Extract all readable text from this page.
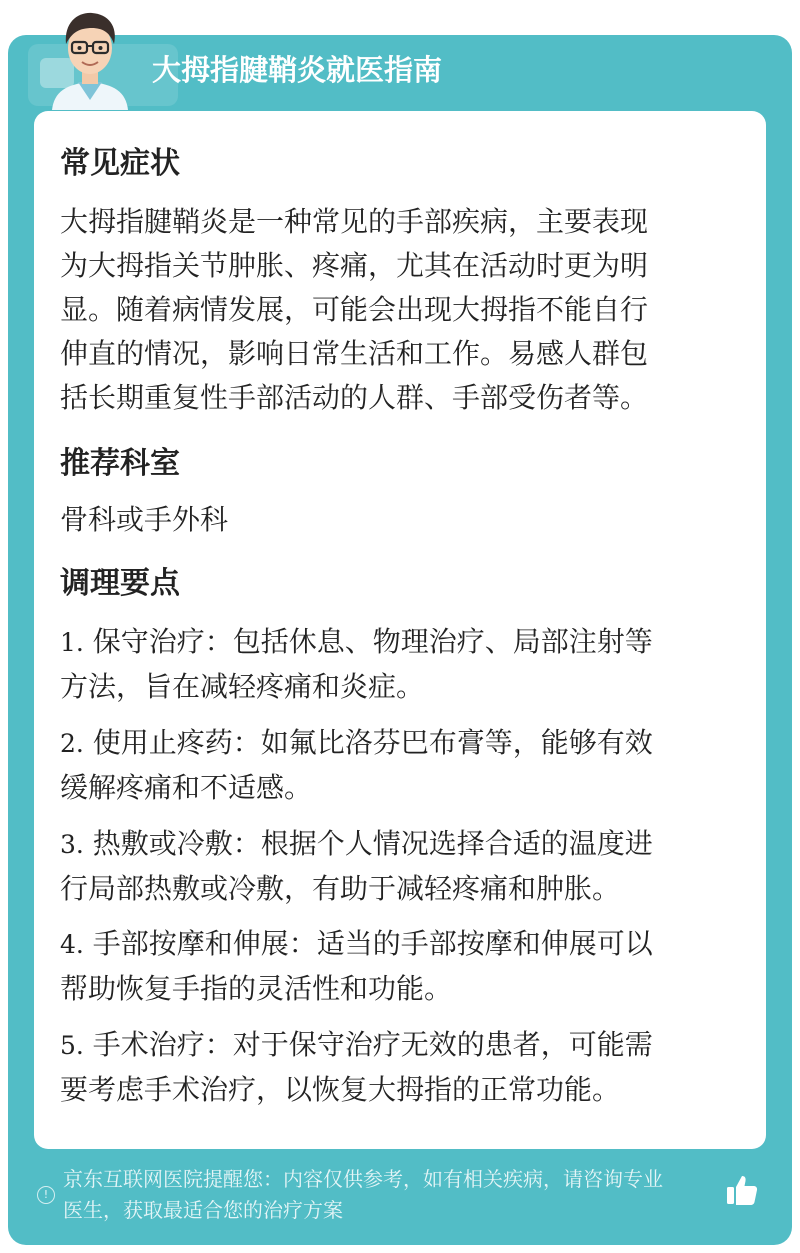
大拇指腱鞘炎就医指南
常见症状
大拇指腱鞘炎是一种常见的手部疾病，主要表现
为大拇指关节肿胀、疼痛，尤其在活动时更为明
显。随着病情发展，可能会出现大拇指不能自行
伸直的情况，影响日常生活和工作。易感人群包
括长期重复性手部活动的人群、手部受伤者等。
推荐科室
骨科或手外科
调理要点
1. 保守治疗：包括休息、物理治疗、局部注射等
方法，旨在减轻疼痛和炎症。
2. 使用止疼药：如氟比洛芬巴布膏等，能够有效
缓解疼痛和不适感。
3. 热敷或冷敷：根据个人情况选择合适的温度进
行局部热敷或冷敷，有助于减轻疼痛和肿胀。
4. 手部按摩和伸展：适当的手部按摩和伸展可以
帮助恢复手指的灵活性和功能。
5. 手术治疗：对于保守治疗无效的患者，可能需
要考虑手术治疗，以恢复大拇指的正常功能。
!
京东互联网医院提醒您：内容仅供参考，如有相关疾病，请咨询专业
医生，获取最适合您的治疗方案
